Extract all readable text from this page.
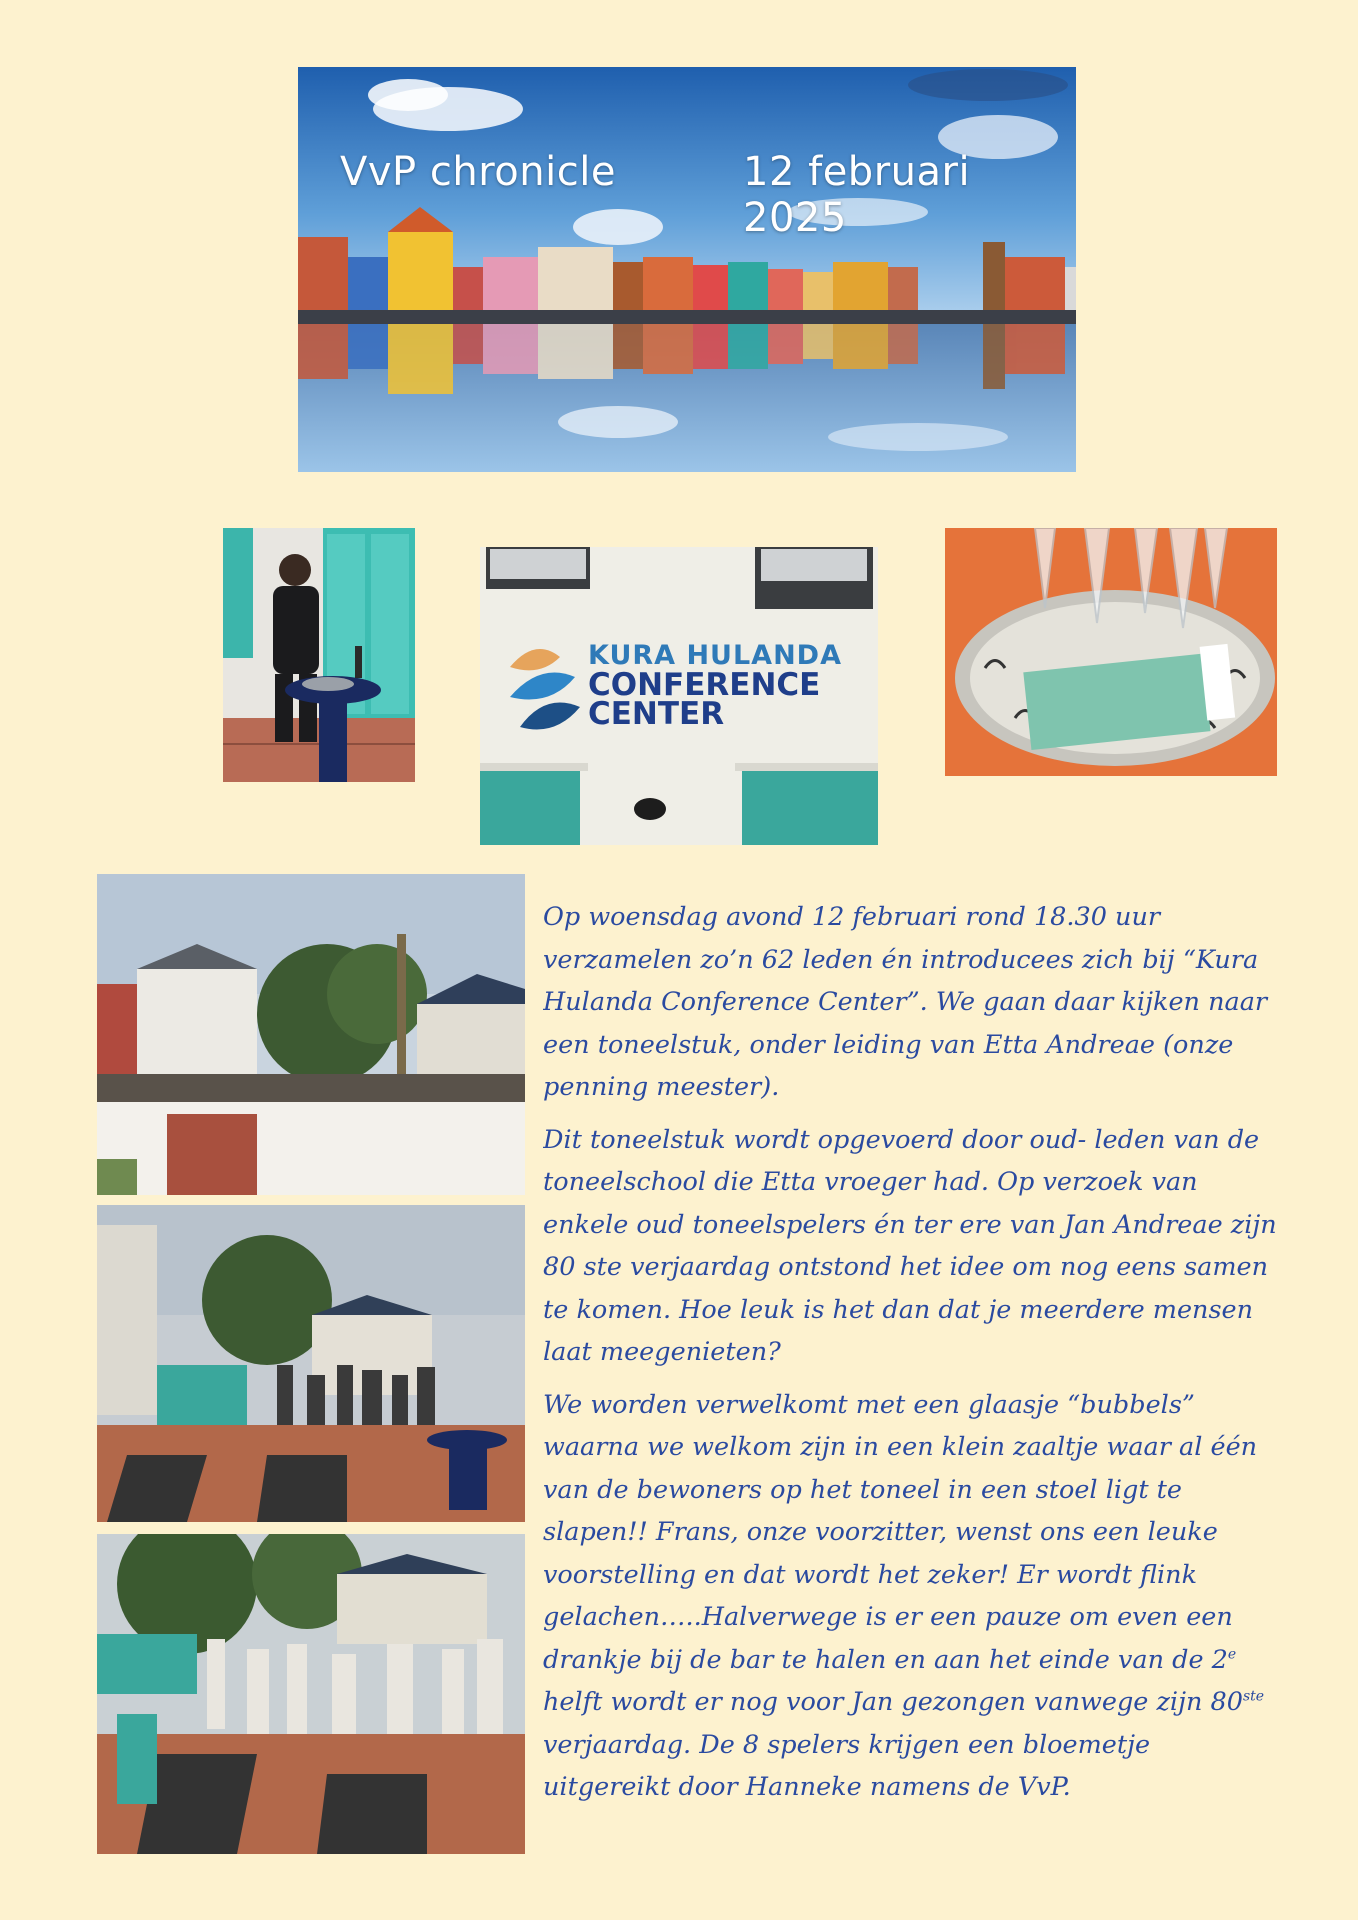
VvP chronicle	12 februari 2025
KURA HULANDA
CONFERENCE
CENTER

Op woensdag avond 12 februari rond 18.30 uur verzamelen zo’n 62 leden én introducees zich bij “Kura Hulanda Conference Center”. We gaan daar kijken naar een toneelstuk, onder leiding van Etta Andreae (onze penning meester).

Dit toneelstuk wordt opgevoerd door oud- leden van de toneelschool die Etta vroeger had. Op verzoek van enkele oud toneelspelers én ter ere van Jan Andreae zijn 80 ste verjaardag ontstond het idee om nog eens samen te komen. Hoe leuk is het dan dat je meerdere mensen laat meegenieten?

We worden verwelkomt met een glaasje “bubbels” waarna we welkom zijn in een klein zaaltje waar al één van de bewoners op het toneel in een stoel ligt te slapen!! Frans, onze voorzitter, wenst ons een leuke voorstelling en dat wordt het zeker! Er wordt flink gelachen…..Halverwege is er een pauze om even een drankje bij de bar te halen en aan het einde van de 2e helft wordt er nog voor Jan gezongen vanwege zijn 80ste verjaardag. De 8 spelers krijgen een bloemetje uitgereikt door Hanneke namens de VvP.
